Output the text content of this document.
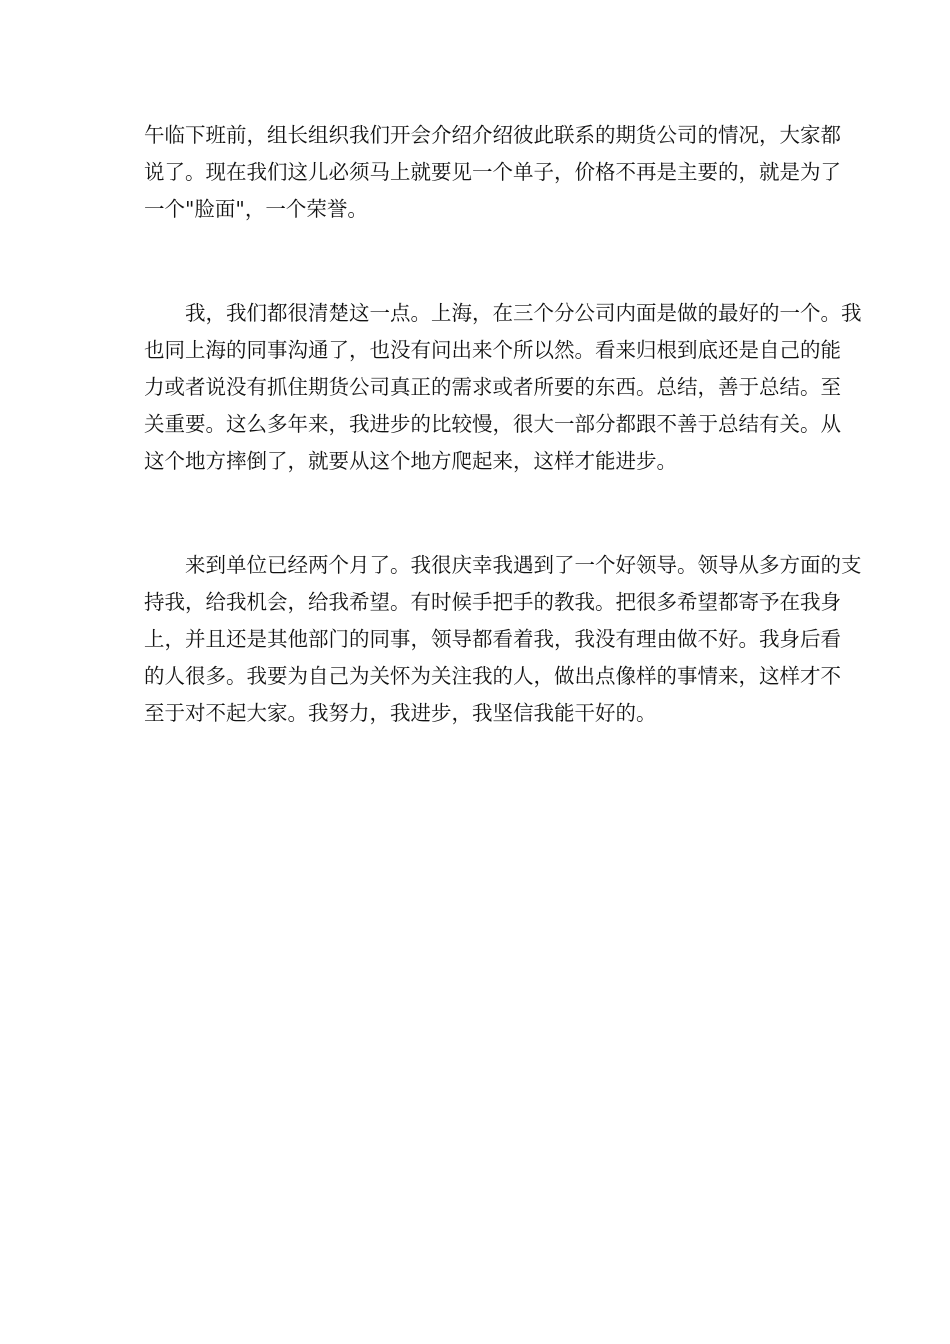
午临下班前，组长组织我们开会介绍介绍彼此联系的期货公司的情况，大家都
说了。现在我们这儿必须马上就要见一个单子，价格不再是主要的，就是为了
一个"脸面"，一个荣誉。
　　我，我们都很清楚这一点。上海，在三个分公司内面是做的最好的一个。我
也同上海的同事沟通了，也没有问出来个所以然。看来归根到底还是自己的能
力或者说没有抓住期货公司真正的需求或者所要的东西。总结，善于总结。至
关重要。这么多年来，我进步的比较慢，很大一部分都跟不善于总结有关。从
这个地方摔倒了，就要从这个地方爬起来，这样才能进步。
　　来到单位已经两个月了。我很庆幸我遇到了一个好领导。领导从多方面的支
持我，给我机会，给我希望。有时候手把手的教我。把很多希望都寄予在我身
上，并且还是其他部门的同事，领导都看着我，我没有理由做不好。我身后看
的人很多。我要为自己为关怀为关注我的人，做出点像样的事情来，这样才不
至于对不起大家。我努力，我进步，我坚信我能干好的。
